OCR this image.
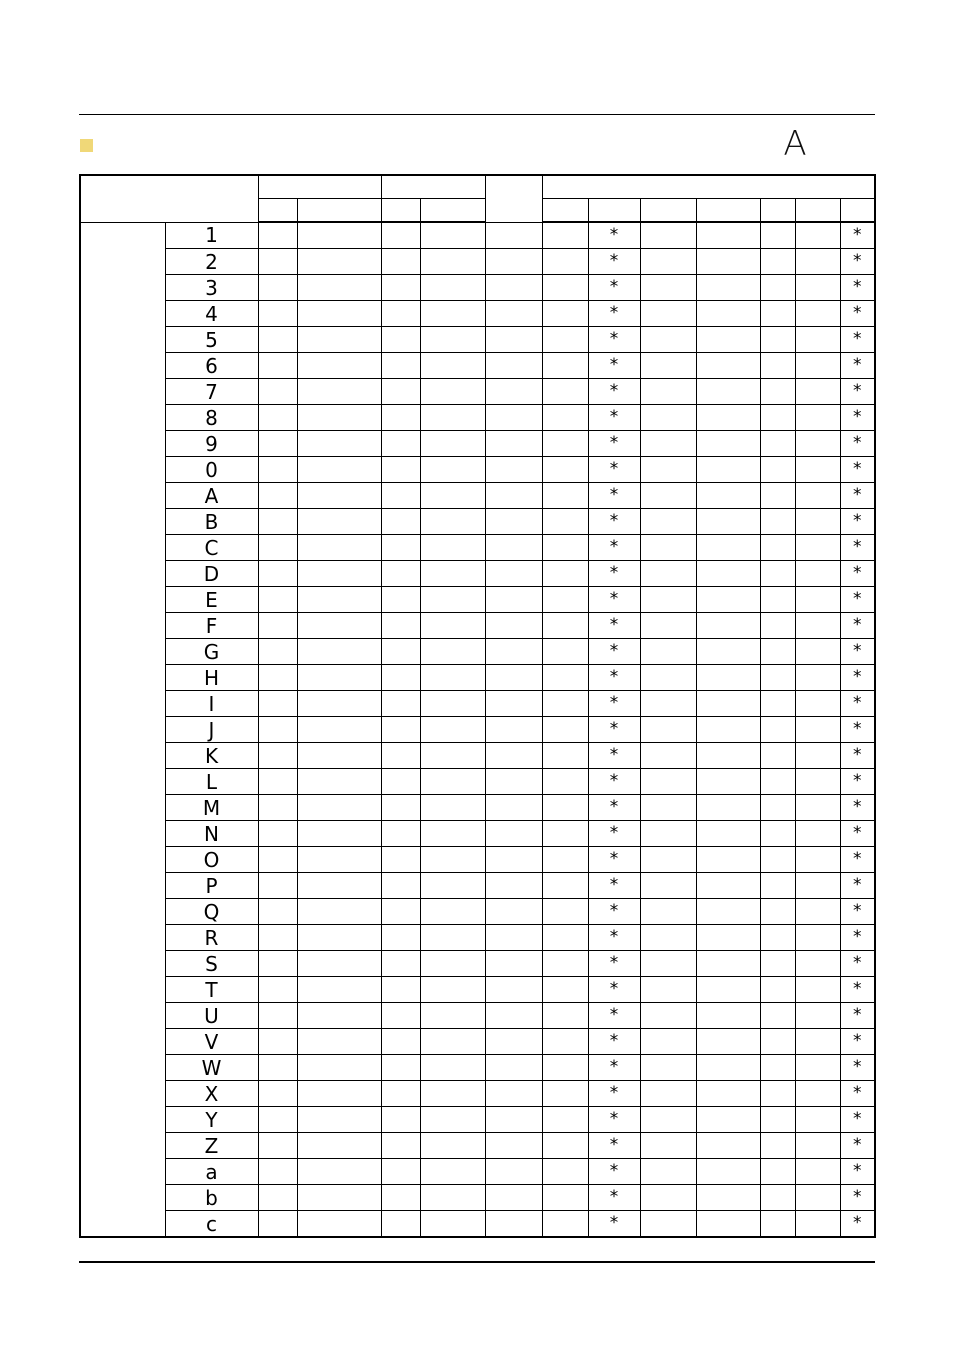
A

	1							*					*
	2							*					*
	3							*					*
	4							*					*
	5							*					*
	6							*					*
	7							*					*
	8							*					*
	9							*					*
	0							*					*
	A							*					*
	B							*					*
	C							*					*
	D							*					*
	E							*					*
	F							*					*
	G							*					*
	H							*					*
	I							*					*
	J							*					*
	K							*					*
	L							*					*
	M							*					*
	N							*					*
	O							*					*
	P							*					*
	Q							*					*
	R							*					*
	S							*					*
	T							*					*
	U							*					*
	V							*					*
	W							*					*
	X							*					*
	Y							*					*
	Z							*					*
	a							*					*
	b							*					*
	c							*					*
